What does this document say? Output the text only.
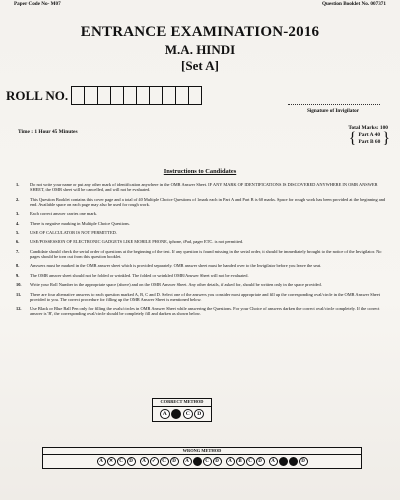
Paper Code No- M07	Question Booklet No. 007371
ENTRANCE EXAMINATION-2016
M.A. HINDI
[Set A]
ROLL NO.
Signature of Invigilator
Time : 1 Hour 45 Minutes
Total Marks: 100
{ Part A 40
Part B 60 }
Instructions to Candidates
1.	Do not write your name or put any other mark of identification anywhere in the OMR Answer Sheet. IF ANY MARK OF IDENTIFICATIONS IS DISCOVERED ANYWHERE IN OMR ANSWER SHEET, the OMR sheet will be cancelled, and will not be evaluated.
2.	This Question Booklet contains this cover page and a total of 40 Multiple Choice Questions of 1mark each in Part A and Part B is 60 marks. Space for rough work has been provided at the beginning and end. Available space on each page may also be used for rough work.
3.	Each correct answer carries one mark.
4.	There is negative marking in Multiple Choice Questions.
5.	USE OF CALCULATOR IS NOT PERMITTED.
6.	USE/POSSESSION OF ELECTRONIC GADGETS LIKE MOBILE PHONE, iphone, iPad, pager ETC. is not permitted.
7.	Candidate should check the serial order of questions at the beginning of the test. If any question is found missing in the serial order, it should be immediately brought to the notice of the Invigilator. No pages should be torn out from this question booklet.
8.	Answers must be marked in the OMR answer sheet which is provided separately. OMR answer sheet must be handed over to the Invigilator before you leave the seat.
9.	The OMR answer sheet should not be folded or wrinkled. The folded or wrinkled OMR/Answer Sheet will not be evaluated.
10.	Write your Roll Number in the appropriate space (above) and on the OMR Answer Sheet. Any other details, if asked for, should be written only in the space provided.
11.	There are four alternative answers to each question marked A, B, C and D. Select one of the answers you consider most appropriate and fill up the corresponding oval/circle in the OMR Answer Sheet provided to you. The correct procedure for filling up the OMR Answer Sheet is mentioned below.
12.	Use Black or Blue Ball Pen only for filling the ovals/circles in OMR Answer Sheet while answering the Questions. For your Choice of answers darken the correct oval/circle completely. If the correct answer is 'B', the corresponding oval/circle should be completely fill and darken as shown below.
CORRECT METHOD
A	C	D
WRONG METHOD
A	✕	C	D	A	✓	C	D	A	C	D	A	B	C	D	A	D
